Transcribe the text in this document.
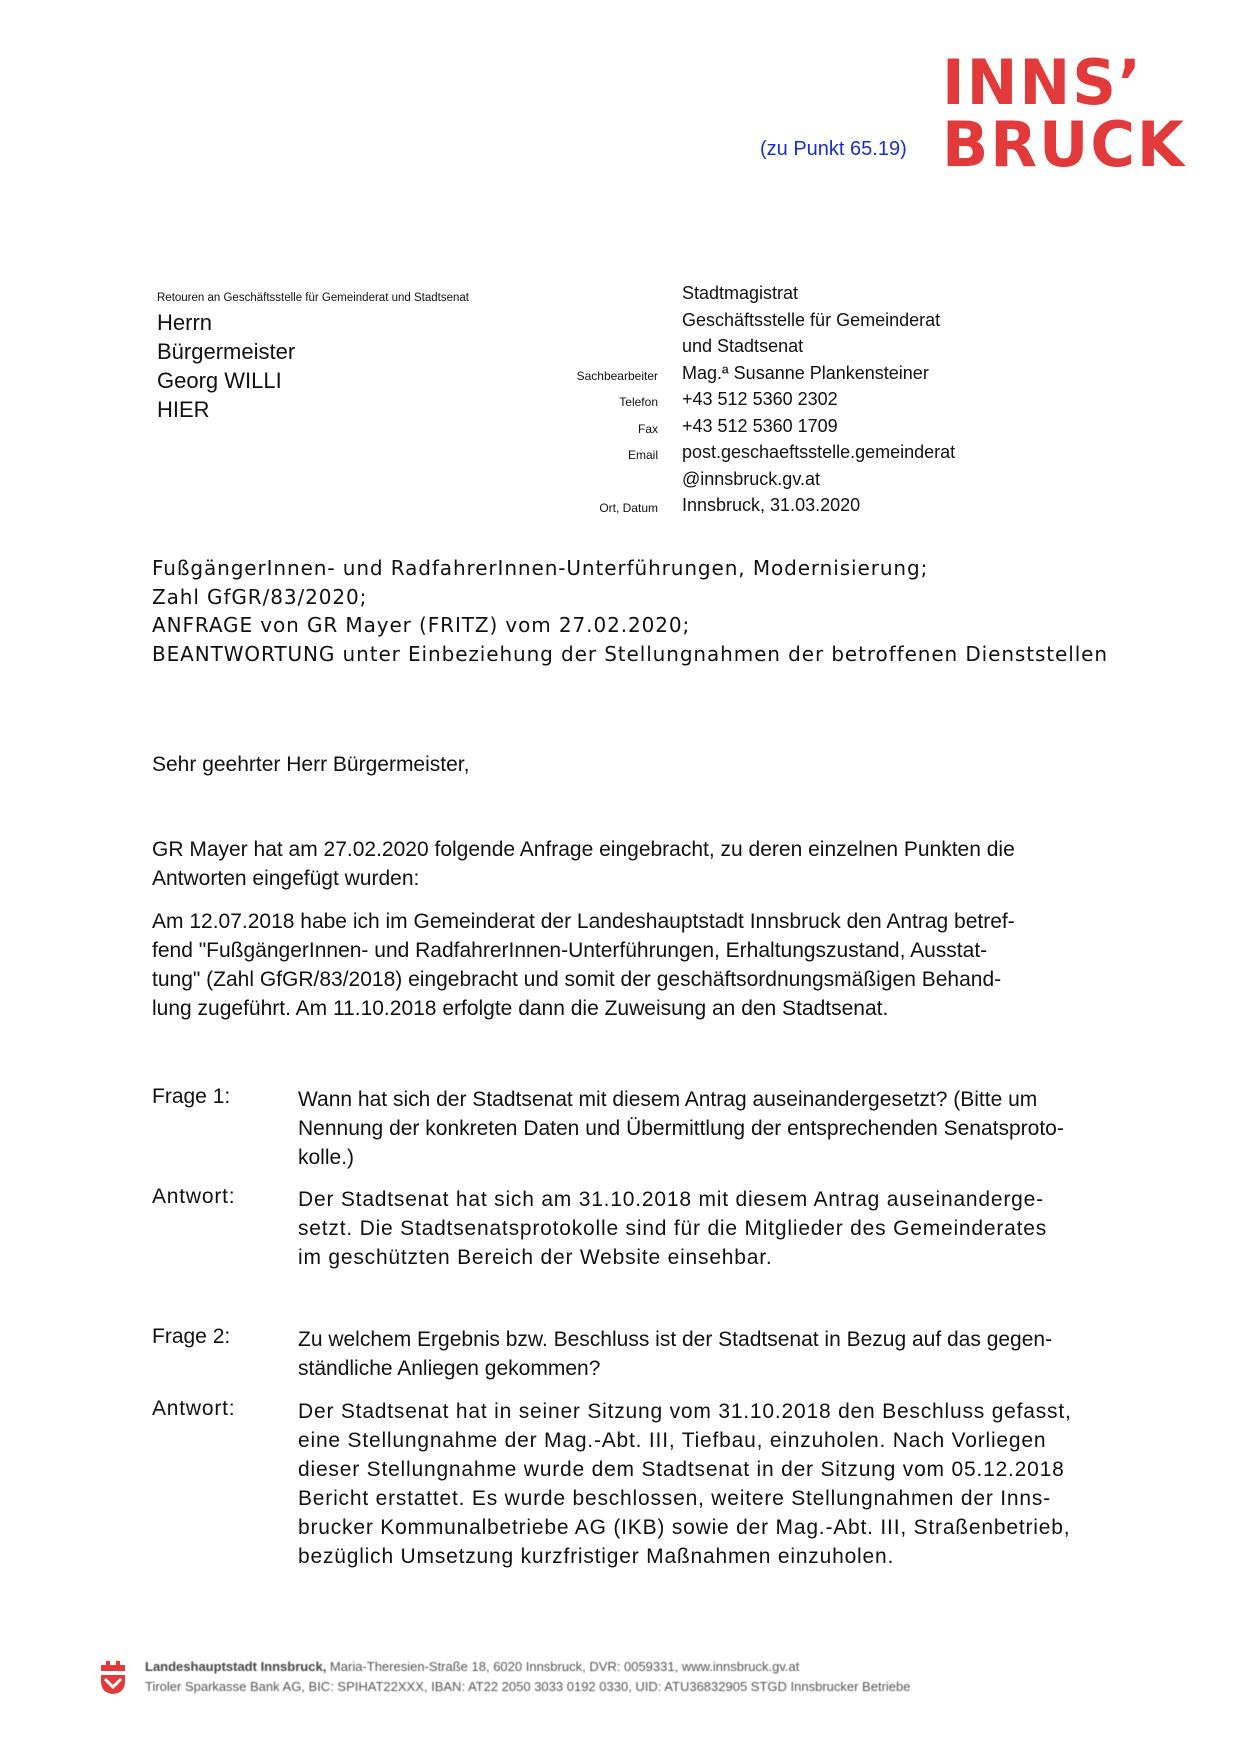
INNS’
BRUCK
(zu Punkt 65.19)
Retouren an Geschäftsstelle für Gemeinderat und Stadtsenat
Herrn
Bürgermeister
Georg WILLI
HIER
Stadtmagistrat
Geschäftsstelle für Gemeinderat
und Stadtsenat
Sachbearbeiter Mag.ª Susanne Plankensteiner
Telefon +43 512 5360 2302
Fax +43 512 5360 1709
Email post.geschaeftsstelle.gemeinderat
@innsbruck.gv.at
Ort, Datum Innsbruck, 31.03.2020
FußgängerInnen- und RadfahrerInnen-Unterführungen, Modernisierung;
Zahl GfGR/83/2020;
ANFRAGE von GR Mayer (FRITZ) vom 27.02.2020;
BEANTWORTUNG unter Einbeziehung der Stellungnahmen der betroffenen Dienststellen
Sehr geehrter Herr Bürgermeister,
GR Mayer hat am 27.02.2020 folgende Anfrage eingebracht, zu deren einzelnen Punkten die
Antworten eingefügt wurden:
Am 12.07.2018 habe ich im Gemeinderat der Landeshauptstadt Innsbruck den Antrag betref-
fend "FußgängerInnen- und RadfahrerInnen-Unterführungen, Erhaltungszustand, Ausstat-
tung" (Zahl GfGR/83/2018) eingebracht und somit der geschäftsordnungsmäßigen Behand-
lung zugeführt. Am 11.10.2018 erfolgte dann die Zuweisung an den Stadtsenat.
Frage 1:	Wann hat sich der Stadtsenat mit diesem Antrag auseinandergesetzt? (Bitte um
Nennung der konkreten Daten und Übermittlung der entsprechenden Senatsproto-
kolle.)
Antwort:	Der Stadtsenat hat sich am 31.10.2018 mit diesem Antrag auseinanderge-
setzt. Die Stadtsenatsprotokolle sind für die Mitglieder des Gemeinderates
im geschützten Bereich der Website einsehbar.
Frage 2:	Zu welchem Ergebnis bzw. Beschluss ist der Stadtsenat in Bezug auf das gegen-
ständliche Anliegen gekommen?
Antwort:	Der Stadtsenat hat in seiner Sitzung vom 31.10.2018 den Beschluss gefasst,
eine Stellungnahme der Mag.-Abt. III, Tiefbau, einzuholen. Nach Vorliegen
dieser Stellungnahme wurde dem Stadtsenat in der Sitzung vom 05.12.2018
Bericht erstattet. Es wurde beschlossen, weitere Stellungnahmen der Inns-
brucker Kommunalbetriebe AG (IKB) sowie der Mag.-Abt. III, Straßenbetrieb,
bezüglich Umsetzung kurzfristiger Maßnahmen einzuholen.
Landeshauptstadt Innsbruck, Maria-Theresien-Straße 18, 6020 Innsbruck, DVR: 0059331, www.innsbruck.gv.at
Tiroler Sparkasse Bank AG, BIC: SPIHAT22XXX, IBAN: AT22 2050 3033 0192 0330, UID: ATU36832905 STGD Innsbrucker Betriebe
